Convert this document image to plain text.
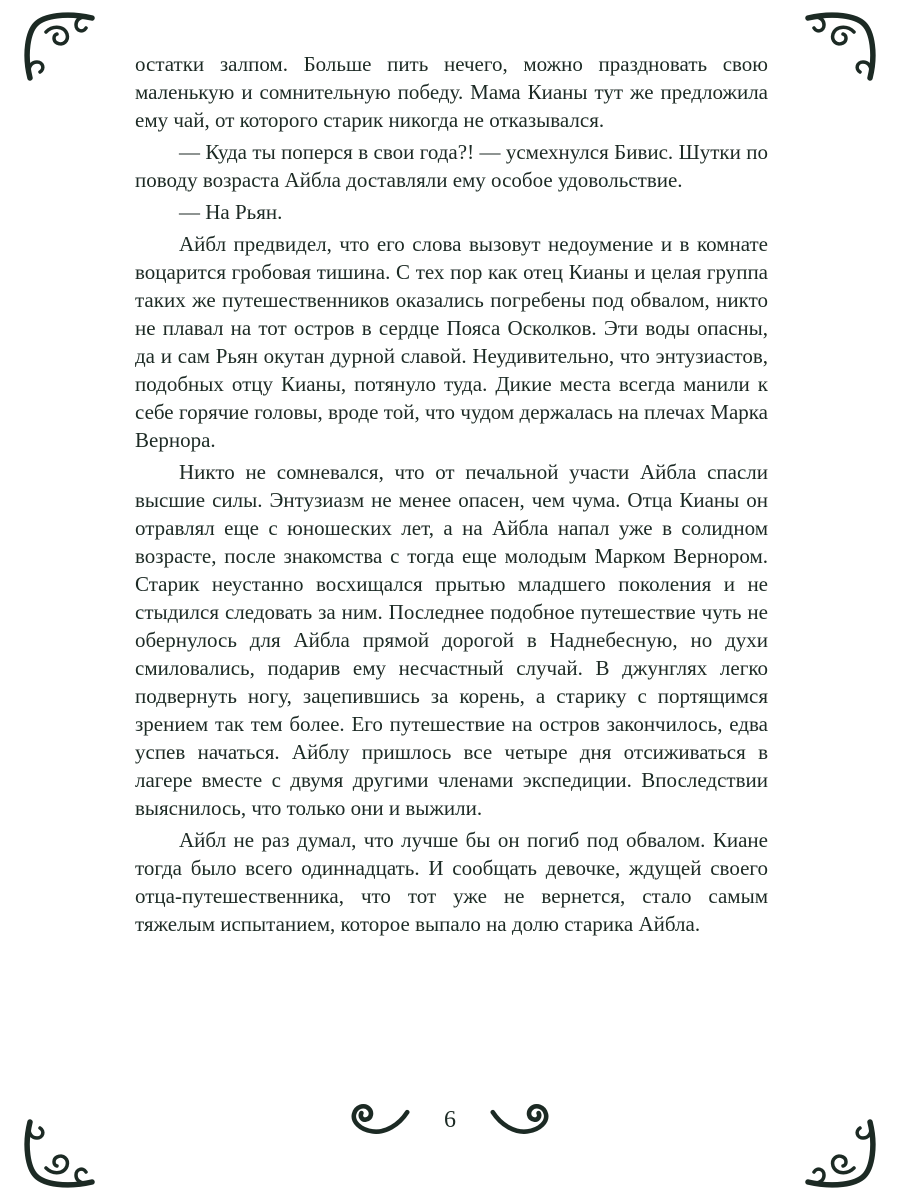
остатки залпом. Больше пить нечего, можно праздновать свою маленькую и сомнительную победу. Мама Кианы тут же предложила ему чай, от которого старик никогда не отказывался.

— Куда ты поперся в свои года?! — усмехнулся Бивис. Шутки по поводу возраста Айбла доставляли ему особое удовольствие.

— На Рьян.

Айбл предвидел, что его слова вызовут недоумение и в комнате воцарится гробовая тишина. С тех пор как отец Кианы и целая группа таких же путешественников оказались погребены под обвалом, никто не плавал на тот остров в сердце Пояса Осколков. Эти воды опасны, да и сам Рьян окутан дурной славой. Неудивительно, что энтузиастов, подобных отцу Кианы, потянуло туда. Дикие места всегда манили к себе горячие головы, вроде той, что чудом держалась на плечах Марка Вернора.

Никто не сомневался, что от печальной участи Айбла спасли высшие силы. Энтузиазм не менее опасен, чем чума. Отца Кианы он отравлял еще с юношеских лет, а на Айбла напал уже в солидном возрасте, после знакомства с тогда еще молодым Марком Вернором. Старик неустанно восхищался прытью младшего поколения и не стыдился следовать за ним. Последнее подобное путешествие чуть не обернулось для Айбла прямой дорогой в Наднебесную, но духи смиловались, подарив ему несчастный случай. В джунглях легко подвернуть ногу, зацепившись за корень, а старику с портящимся зрением так тем более. Его путешествие на остров закончилось, едва успев начаться. Айблу пришлось все четыре дня отсиживаться в лагере вместе с двумя другими членами экспедиции. Впоследствии выяснилось, что только они и выжили.

Айбл не раз думал, что лучше бы он погиб под обвалом. Киане тогда было всего одиннадцать. И сообщать девочке, ждущей своего отца-путешественника, что тот уже не вернется, стало самым тяжелым испытанием, которое выпало на долю старика Айбла.

6
